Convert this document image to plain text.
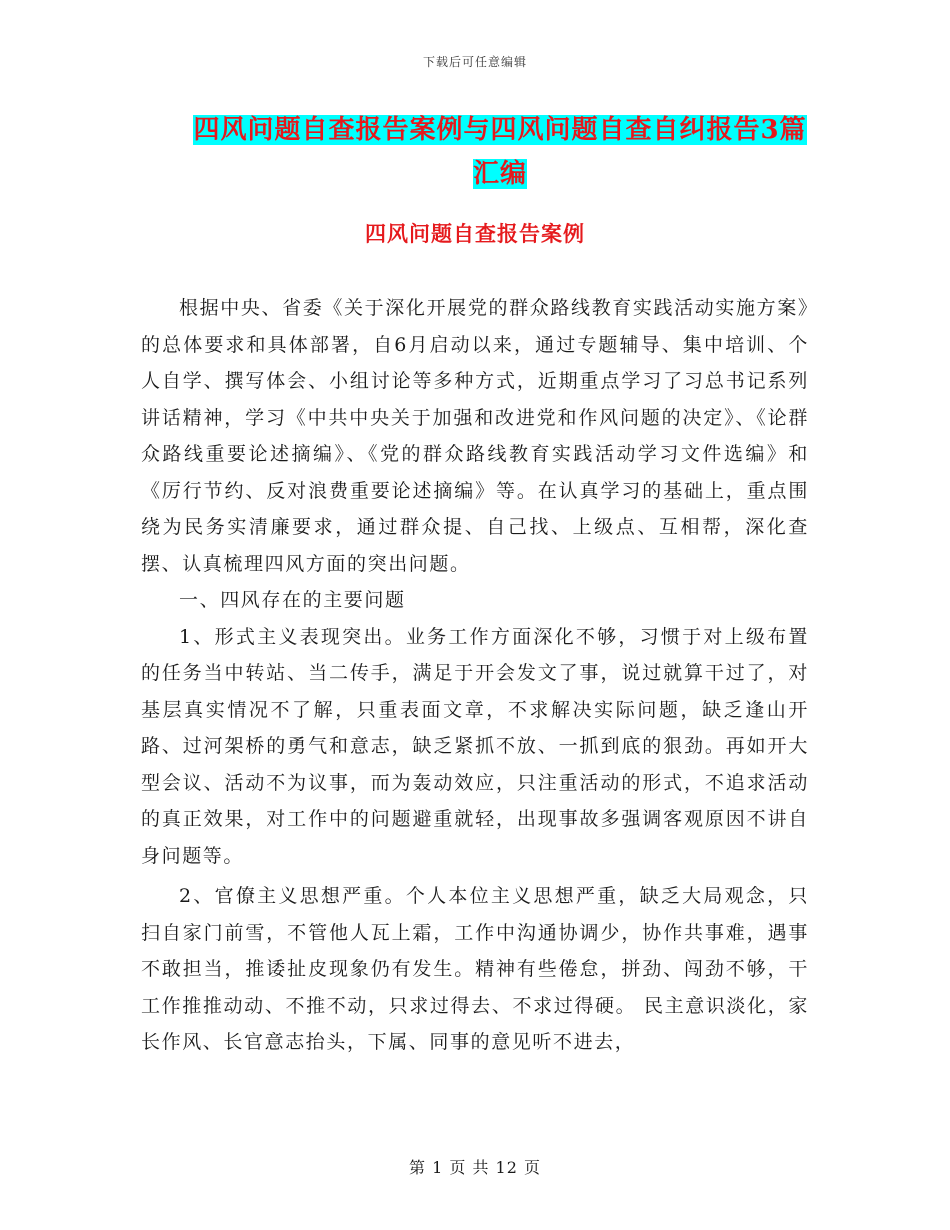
下载后可任意编辑
四风问题自查报告案例与四风问题自查自纠报告3篇汇编
四风问题自查报告案例

根据中央、省委《关于深化开展党的群众路线教育实践活动实施方案》的总体要求和具体部署，自6月启动以来，通过专题辅导、集中培训、个人自学、撰写体会、小组讨论等多种方式，近期重点学习了习总书记系列讲话精神，学习《中共中央关于加强和改进党和作风问题的决定》、《论群众路线重要论述摘编》、《党的群众路线教育实践活动学习文件选编》和《厉行节约、反对浪费重要论述摘编》等。在认真学习的基础上，重点围绕为民务实清廉要求，通过群众提、自己找、上级点、互相帮，深化查摆、认真梳理四风方面的突出问题。

一、四风存在的主要问题

1、形式主义表现突出。业务工作方面深化不够，习惯于对上级布置的任务当中转站、当二传手，满足于开会发文了事，说过就算干过了，对基层真实情况不了解，只重表面文章，不求解决实际问题，缺乏逢山开路、过河架桥的勇气和意志，缺乏紧抓不放、一抓到底的狠劲。再如开大型会议、活动不为议事，而为轰动效应，只注重活动的形式，不追求活动的真正效果，对工作中的问题避重就轻，出现事故多强调客观原因不讲自身问题等。

2、官僚主义思想严重。个人本位主义思想严重，缺乏大局观念，只扫自家门前雪，不管他人瓦上霜，工作中沟通协调少，协作共事难，遇事不敢担当，推诿扯皮现象仍有发生。精神有些倦怠，拼劲、闯劲不够，干工作推推动动、不推不动，只求过得去、不求过得硬。 民主意识淡化，家长作风、长官意志抬头，下属、同事的意见听不进去，

第 1 页 共 12 页
